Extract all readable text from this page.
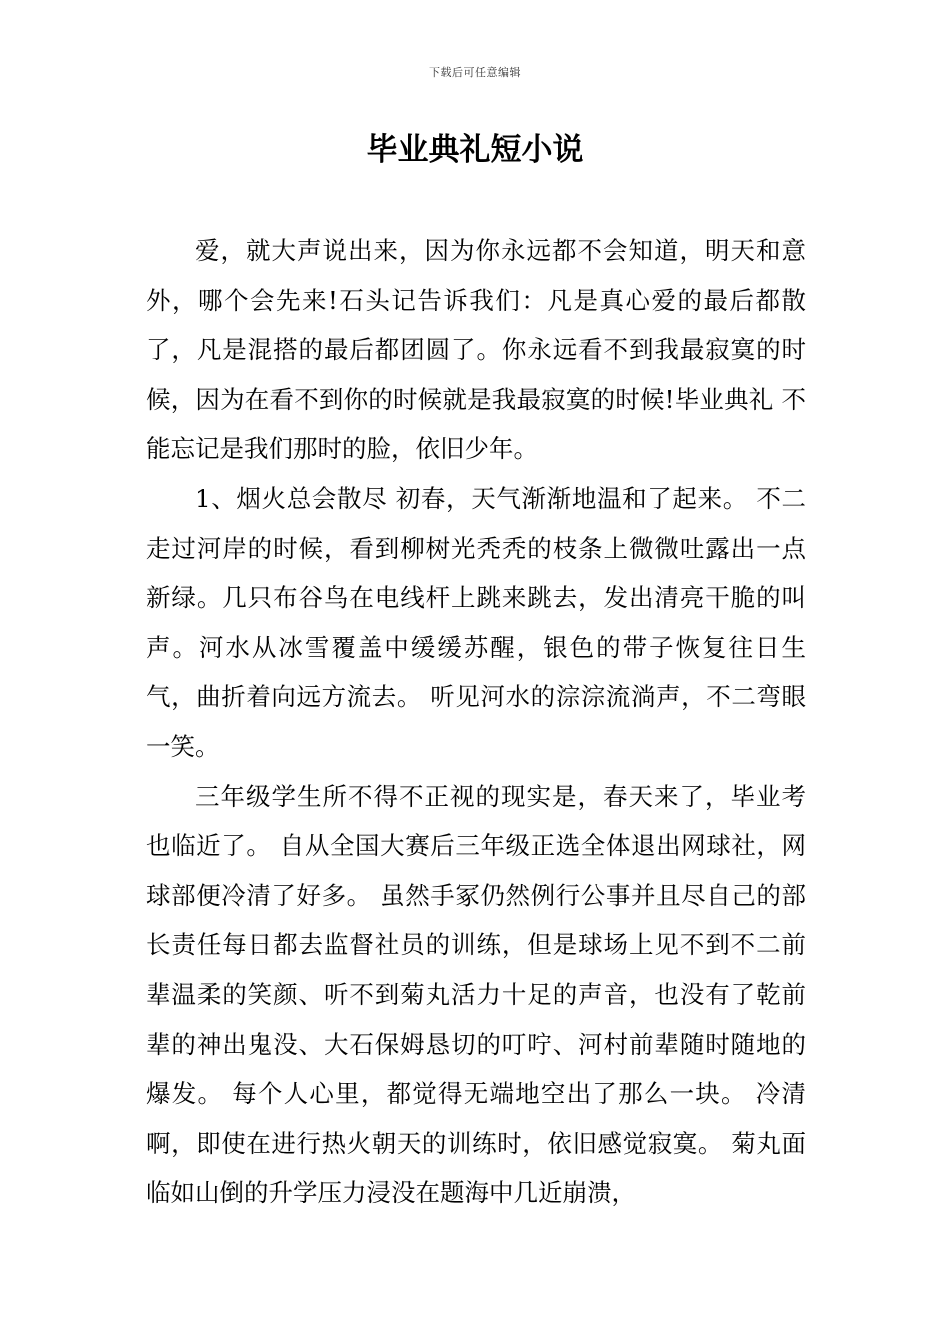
下载后可任意编辑
毕业典礼短小说

爱，就大声说出来，因为你永远都不会知道，明天和意外，哪个会先来!石头记告诉我们：凡是真心爱的最后都散了，凡是混搭的最后都团圆了。你永远看不到我最寂寞的时候，因为在看不到你的时候就是我最寂寞的时候!毕业典礼 不能忘记是我们那时的脸，依旧少年。

1、烟火总会散尽 初春，天气渐渐地温和了起来。 不二走过河岸的时候，看到柳树光秃秃的枝条上微微吐露出一点新绿。几只布谷鸟在电线杆上跳来跳去，发出清亮干脆的叫声。河水从冰雪覆盖中缓缓苏醒，银色的带子恢复往日生气，曲折着向远方流去。 听见河水的淙淙流淌声，不二弯眼一笑。

三年级学生所不得不正视的现实是，春天来了，毕业考也临近了。 自从全国大赛后三年级正选全体退出网球社，网球部便冷清了好多。 虽然手冢仍然例行公事并且尽自己的部长责任每日都去监督社员的训练，但是球场上见不到不二前辈温柔的笑颜、听不到菊丸活力十足的声音，也没有了乾前辈的神出鬼没、大石保姆恳切的叮咛、河村前辈随时随地的爆发。 每个人心里，都觉得无端地空出了那么一块。 冷清啊，即使在进行热火朝天的训练时，依旧感觉寂寞。 菊丸面临如山倒的升学压力浸没在题海中几近崩溃，
